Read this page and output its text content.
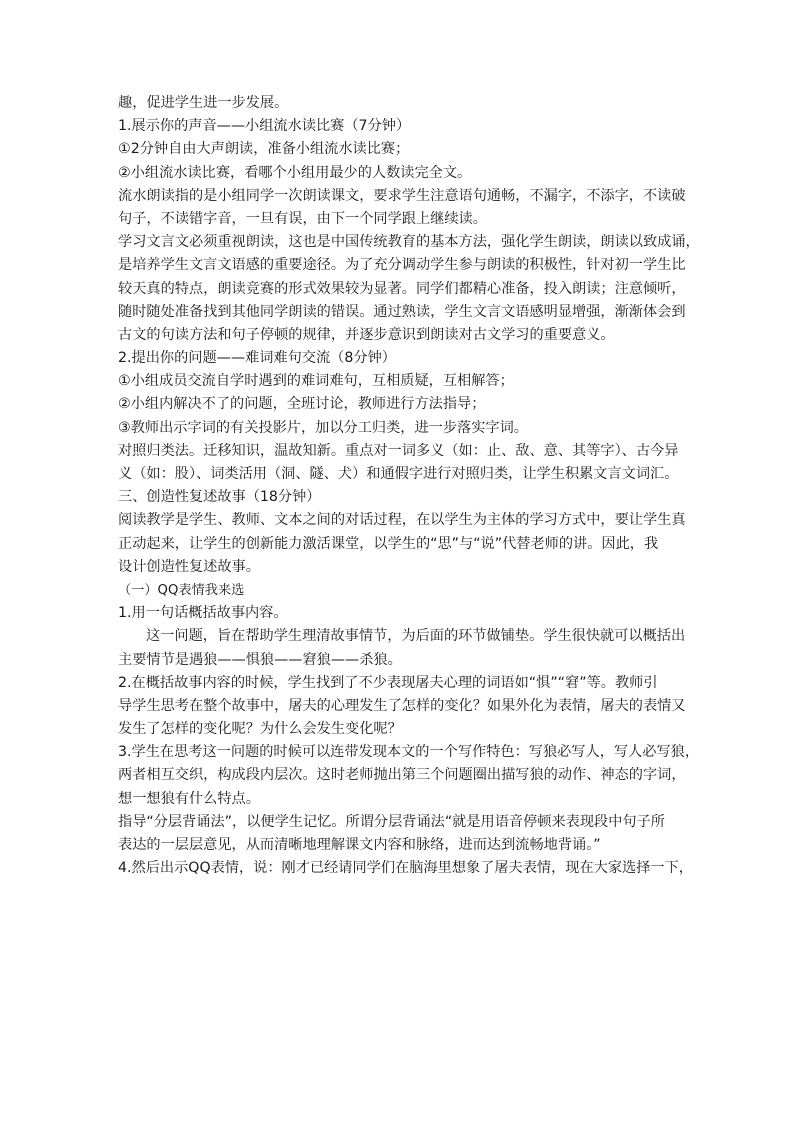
趣，促进学生进一步发展。

1.展示你的声音——小组流水读比赛（7分钟）

①2分钟自由大声朗读，准备小组流水读比赛；

②小组流水读比赛，看哪个小组用最少的人数读完全文。

流水朗读指的是小组同学一次朗读课文，要求学生注意语句通畅，不漏字，不添字，不读破

句子，不读错字音，一旦有误，由下一个同学跟上继续读。

学习文言文必须重视朗读，这也是中国传统教育的基本方法，强化学生朗读，朗读以致成诵，

是培养学生文言文语感的重要途径。为了充分调动学生参与朗读的积极性，针对初一学生比

较天真的特点，朗读竞赛的形式效果较为显著。同学们都精心准备，投入朗读；注意倾听，

随时随处准备找到其他同学朗读的错误。通过熟读，学生文言文语感明显增强，渐渐体会到

古文的句读方法和句子停顿的规律，并逐步意识到朗读对古文学习的重要意义。

2.提出你的问题——难词难句交流（8分钟）

①小组成员交流自学时遇到的难词难句，互相质疑，互相解答；

②小组内解决不了的问题，全班讨论，教师进行方法指导；

③教师出示字词的有关投影片，加以分工归类，进一步落实字词。

对照归类法。迁移知识，温故知新。重点对一词多义（如：止、敌、意、其等字）、古今异

义（如：股）、词类活用（洞、隧、犬）和通假字进行对照归类，让学生积累文言文词汇。

三、创造性复述故事（18分钟）

阅读教学是学生、教师、文本之间的对话过程，在以学生为主体的学习方式中，要让学生真

正动起来，让学生的创新能力激活课堂，以学生的“思”与“说”代替老师的讲。因此，我

设计创造性复述故事。

（一）QQ表情我来选

1.用一句话概括故事内容。

这一问题，旨在帮助学生理清故事情节，为后面的环节做铺垫。学生很快就可以概括出

主要情节是遇狼——惧狼——窘狼——杀狼。

2.在概括故事内容的时候，学生找到了不少表现屠夫心理的词语如“惧”“窘”等。教师引

导学生思考在整个故事中，屠夫的心理发生了怎样的变化？如果外化为表情，屠夫的表情又

发生了怎样的变化呢？为什么会发生变化呢？

3.学生在思考这一问题的时候可以连带发现本文的一个写作特色：写狼必写人，写人必写狼，

两者相互交织，构成段内层次。这时老师抛出第三个问题圈出描写狼的动作、神态的字词，

想一想狼有什么特点。

指导“分层背诵法”，以便学生记忆。所谓分层背诵法“就是用语音停顿来表现段中句子所

表达的一层层意见，从而清晰地理解课文内容和脉络，进而达到流畅地背诵。”

4.然后出示QQ表情，说：刚才已经请同学们在脑海里想象了屠夫表情，现在大家选择一下，
